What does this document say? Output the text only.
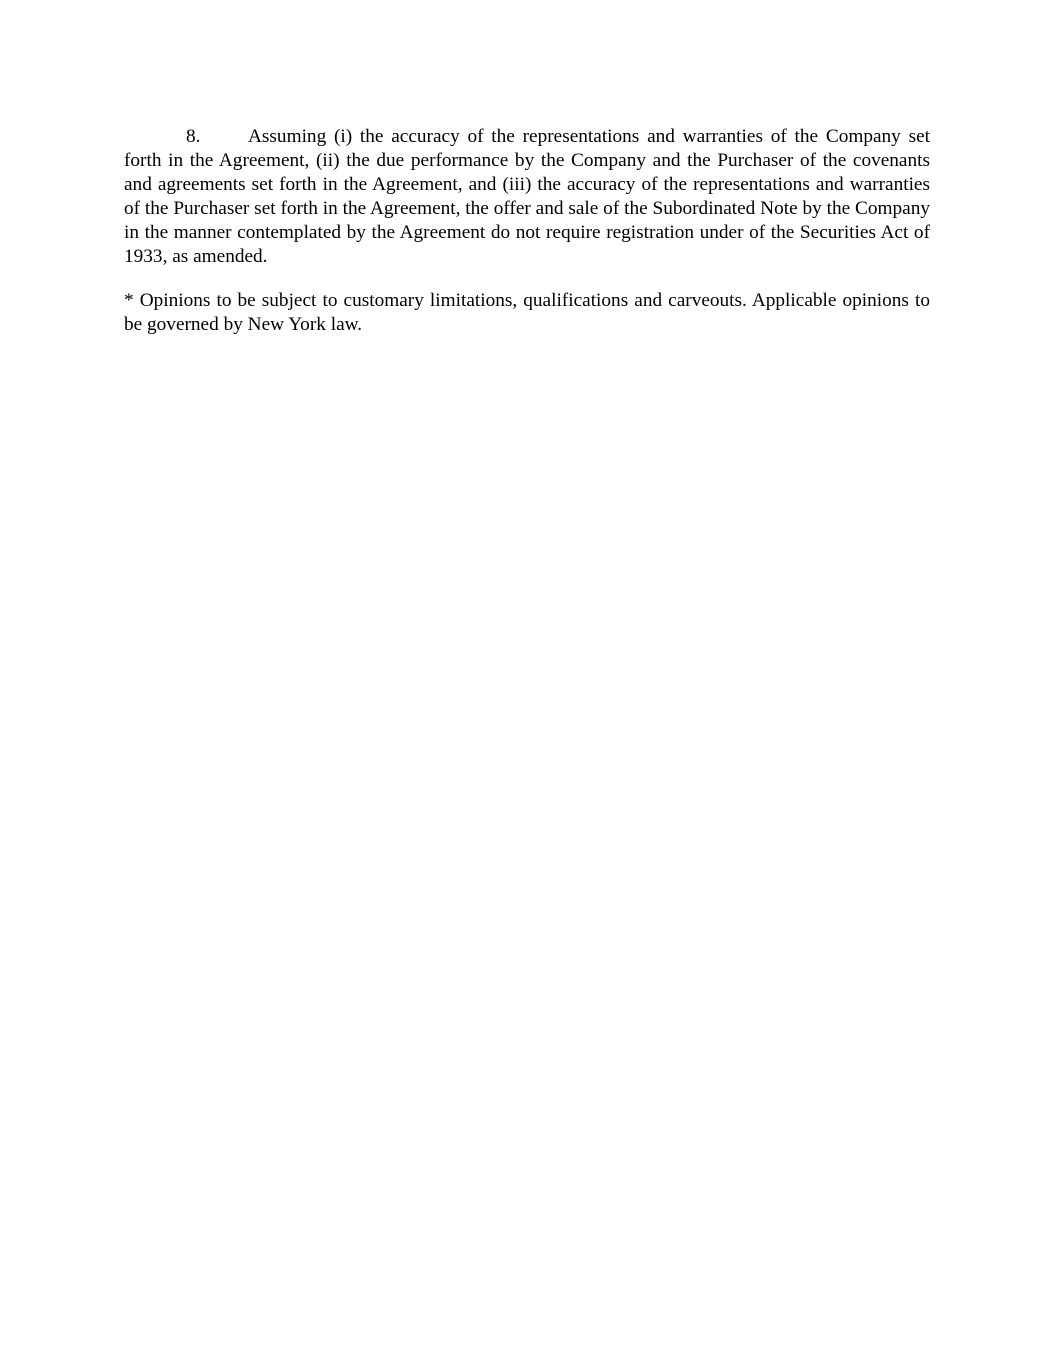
8. Assuming (i) the accuracy of the representations and warranties of the Company set forth in the Agreement, (ii) the due performance by the Company and the Purchaser of the covenants and agreements set forth in the Agreement, and (iii) the accuracy of the representations and warranties of the Purchaser set forth in the Agreement, the offer and sale of the Subordinated Note by the Company in the manner contemplated by the Agreement do not require registration under of the Securities Act of 1933, as amended.

* Opinions to be subject to customary limitations, qualifications and carveouts. Applicable opinions to be governed by New York law.
